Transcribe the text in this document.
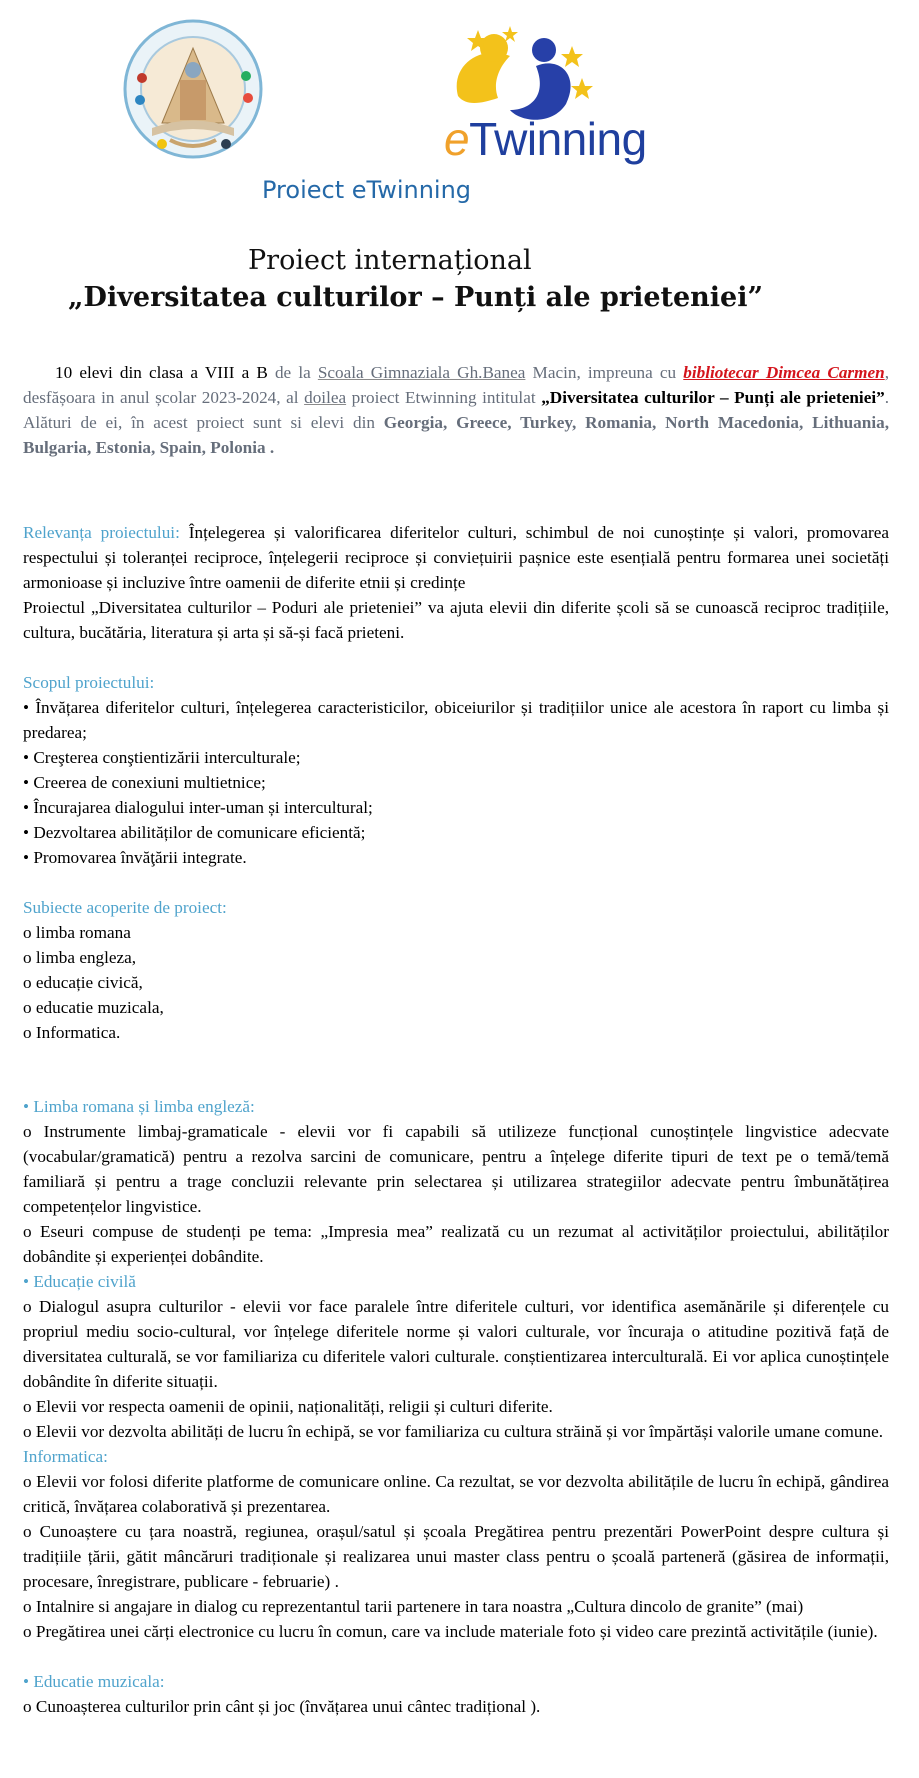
eTwinning
Proiect eTwinning
Proiect internațional
„Diversitatea culturilor – Punți ale prieteniei”
10 elevi din clasa a VIII a B de la Scoala Gimnaziala Gh.Banea Macin, impreuna cu bibliotecar Dimcea Carmen, desfășoara in anul școlar 2023-2024, al doilea proiect Etwinning intitulat „Diversitatea culturilor – Punți ale prieteniei”. Alături de ei, în acest proiect sunt si elevi din Georgia, Greece, Turkey, Romania, North Macedonia, Lithuania, Bulgaria, Estonia, Spain, Polonia .

Relevanța proiectului: Înțelegerea și valorificarea diferitelor culturi, schimbul de noi cunoștințe și valori, promovarea respectului și toleranței reciproce, înțelegerii reciproce și conviețuirii pașnice este esențială pentru formarea unei societăți armonioase și incluzive între oamenii de diferite etnii și credințe

Proiectul „Diversitatea culturilor – Poduri ale prieteniei” va ajuta elevii din diferite școli să se cunoască reciproc tradițiile, cultura, bucătăria, literatura și arta și să-și facă prieteni.

Scopul proiectului:

• Învățarea diferitelor culturi, înțelegerea caracteristicilor, obiceiurilor și tradițiilor unice ale acestora în raport cu limba și predarea;

• Creşterea conştientizării interculturale;

• Creerea de conexiuni multietnice;

• Încurajarea dialogului inter-uman și intercultural;

• Dezvoltarea abilităților de comunicare eficientă;

• Promovarea învăţării integrate.

Subiecte acoperite de proiect:

o limba romana

o limba engleza,

o educație civică,

o educatie muzicala,

o Informatica.

• Limba romana și limba engleză:

o Instrumente limbaj-gramaticale - elevii vor fi capabili să utilizeze funcțional cunoștințele lingvistice adecvate (vocabular/gramatică) pentru a rezolva sarcini de comunicare, pentru a înțelege diferite tipuri de text pe o temă/temă familiară și pentru a trage concluzii relevante prin selectarea și utilizarea strategiilor adecvate pentru îmbunătățirea competențelor lingvistice.

o Eseuri compuse de studenți pe tema: „Impresia mea” realizată cu un rezumat al activităților proiectului, abilităților dobândite și experienței dobândite.

• Educație civilă

o Dialogul asupra culturilor - elevii vor face paralele între diferitele culturi, vor identifica asemănările și diferențele cu propriul mediu socio-cultural, vor înțelege diferitele norme și valori culturale, vor încuraja o atitudine pozitivă față de diversitatea culturală, se vor familiariza cu diferitele valori culturale. conștientizarea interculturală. Ei vor aplica cunoștințele dobândite în diferite situații.

o Elevii vor respecta oamenii de opinii, naționalități, religii și culturi diferite.

o Elevii vor dezvolta abilități de lucru în echipă, se vor familiariza cu cultura străină și vor împărtăși valorile umane comune.

Informatica:

o Elevii vor folosi diferite platforme de comunicare online. Ca rezultat, se vor dezvolta abilitățile de lucru în echipă, gândirea critică, învățarea colaborativă și prezentarea.

o Cunoaștere cu țara noastră, regiunea, orașul/satul și școala Pregătirea pentru prezentări PowerPoint despre cultura și tradițiile țării, gătit mâncăruri tradiționale și realizarea unui master class pentru o școală parteneră (găsirea de informații, procesare, înregistrare, publicare - februarie) .

o Intalnire si angajare in dialog cu reprezentantul tarii partenere in tara noastra „Cultura dincolo de granite” (mai)

o Pregătirea unei cărți electronice cu lucru în comun, care va include materiale foto și video care prezintă activitățile (iunie).

• Educatie muzicala:

o Cunoașterea culturilor prin cânt și joc (învățarea unui cântec tradițional ).
